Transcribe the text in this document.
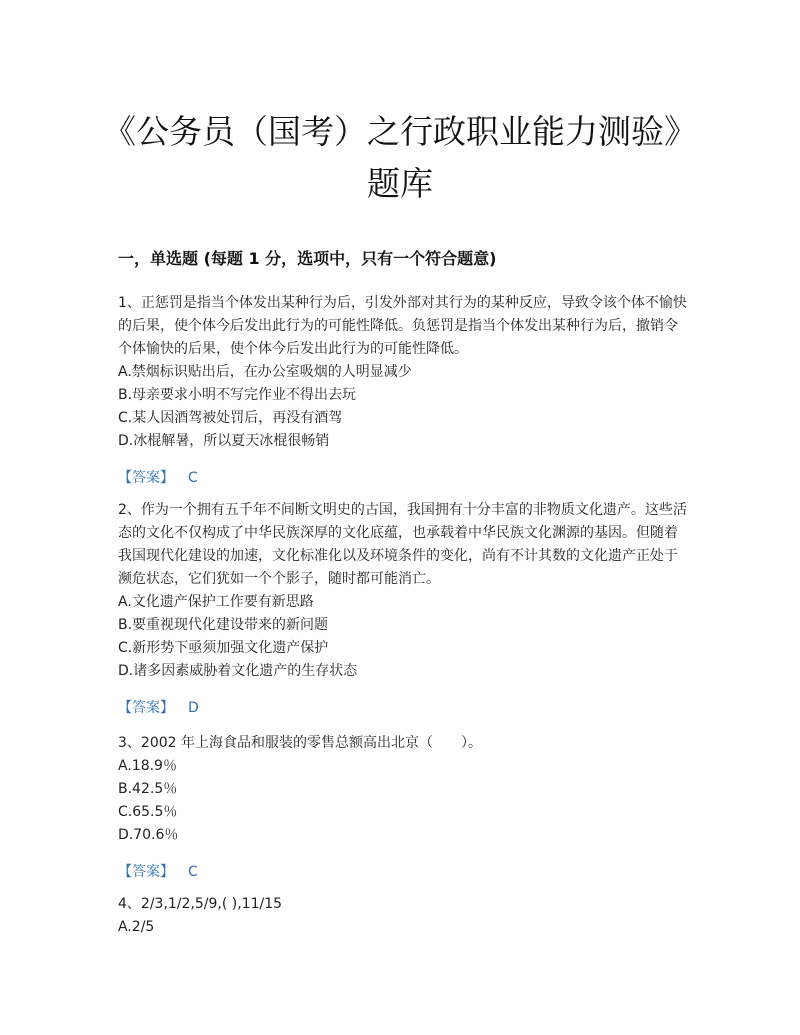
《公务员（国考）之行政职业能力测验》题库
一，单选题 (每题 1 分，选项中，只有一个符合题意)

1、正惩罚是指当个体发出某种行为后，引发外部对其行为的某种反应，导致令该个体不愉快的后果，使个体今后发出此行为的可能性降低。负惩罚是指当个体发出某种行为后，撤销令个体愉快的后果，使个体今后发出此行为的可能性降低。

A.禁烟标识贴出后，在办公室吸烟的人明显减少

B.母亲要求小明不写完作业不得出去玩

C.某人因酒驾被处罚后，再没有酒驾

D.冰棍解暑，所以夏天冰棍很畅销

【答案】 C

2、作为一个拥有五千年不间断文明史的古国，我国拥有十分丰富的非物质文化遗产。这些活态的文化不仅构成了中华民族深厚的文化底蕴，也承载着中华民族文化渊源的基因。但随着我国现代化建设的加速，文化标准化以及环境条件的变化，尚有不计其数的文化遗产正处于濒危状态，它们犹如一个个影子，随时都可能消亡。

A.文化遗产保护工作要有新思路

B.要重视现代化建设带来的新问题

C.新形势下亟须加强文化遗产保护

D.诸多因素威胁着文化遗产的生存状态

【答案】 D

3、2002 年上海食品和服装的零售总额高出北京（　　）。

A.18.9％

B.42.5％

C.65.5％

D.70.6％

【答案】 C

4、2/3,1/2,5/9,( ),11/15

A.2/5
